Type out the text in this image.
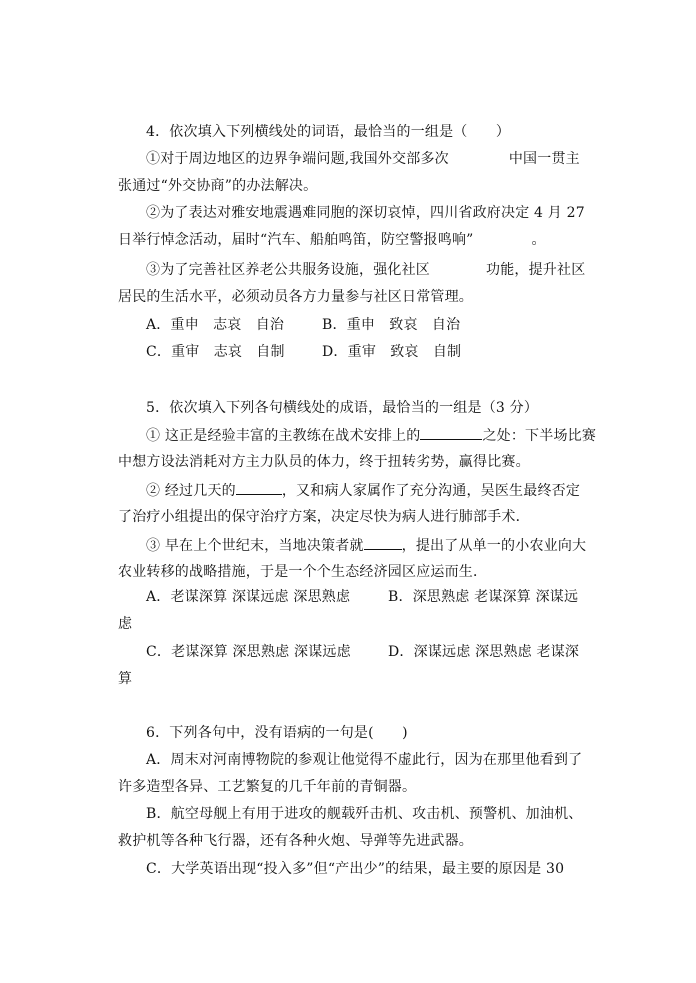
4．依次填入下列横线处的词语，最恰当的一组是（　　）
①对于周边地区的边界争端问题,我国外交部多次	中国一贯主
张通过“外交协商”的办法解决。
②为了表达对雅安地震遇难同胞的深切哀悼，四川省政府决定 4 月 27
日举行悼念活动，届时“汽车、船舶鸣笛，防空警报鸣响”	。
③为了完善社区养老公共服务设施，强化社区	功能，提升社区
居民的生活水平，必须动员各方力量参与社区日常管理。
A．重申　志哀　自治	B．重申　致哀　自治
C．重审　志哀　自制	D．重审　致哀　自制
5．依次填入下列各句横线处的成语，最恰当的一组是（3 分）
① 这正是经验丰富的主教练在战术安排上的	之处：下半场比赛
中想方设法消耗对方主力队员的体力，终于扭转劣势，赢得比赛。
② 经过几天的	，又和病人家属作了充分沟通，吴医生最终否定
了治疗小组提出的保守治疗方案，决定尽快为病人进行肺部手术．
③ 早在上个世纪末，当地决策者就	，提出了从单一的小农业向大
农业转移的战略措施，于是一个个生态经济园区应运而生．
A．老谋深算 深谋远虑 深思熟虑	B．深思熟虑 老谋深算 深谋远
虑
C．老谋深算 深思熟虑 深谋远虑	D．深谋远虑 深思熟虑 老谋深
算
6．下列各句中，没有语病的一句是(　　)
A．周末对河南博物院的参观让他觉得不虚此行，因为在那里他看到了
许多造型各异、工艺繁复的几千年前的青铜器。
B．航空母舰上有用于进攻的舰载歼击机、攻击机、预警机、加油机、
救护机等各种飞行器，还有各种火炮、导弹等先进武器。
C．大学英语出现“投入多”但“产出少”的结果，最主要的原因是 30
